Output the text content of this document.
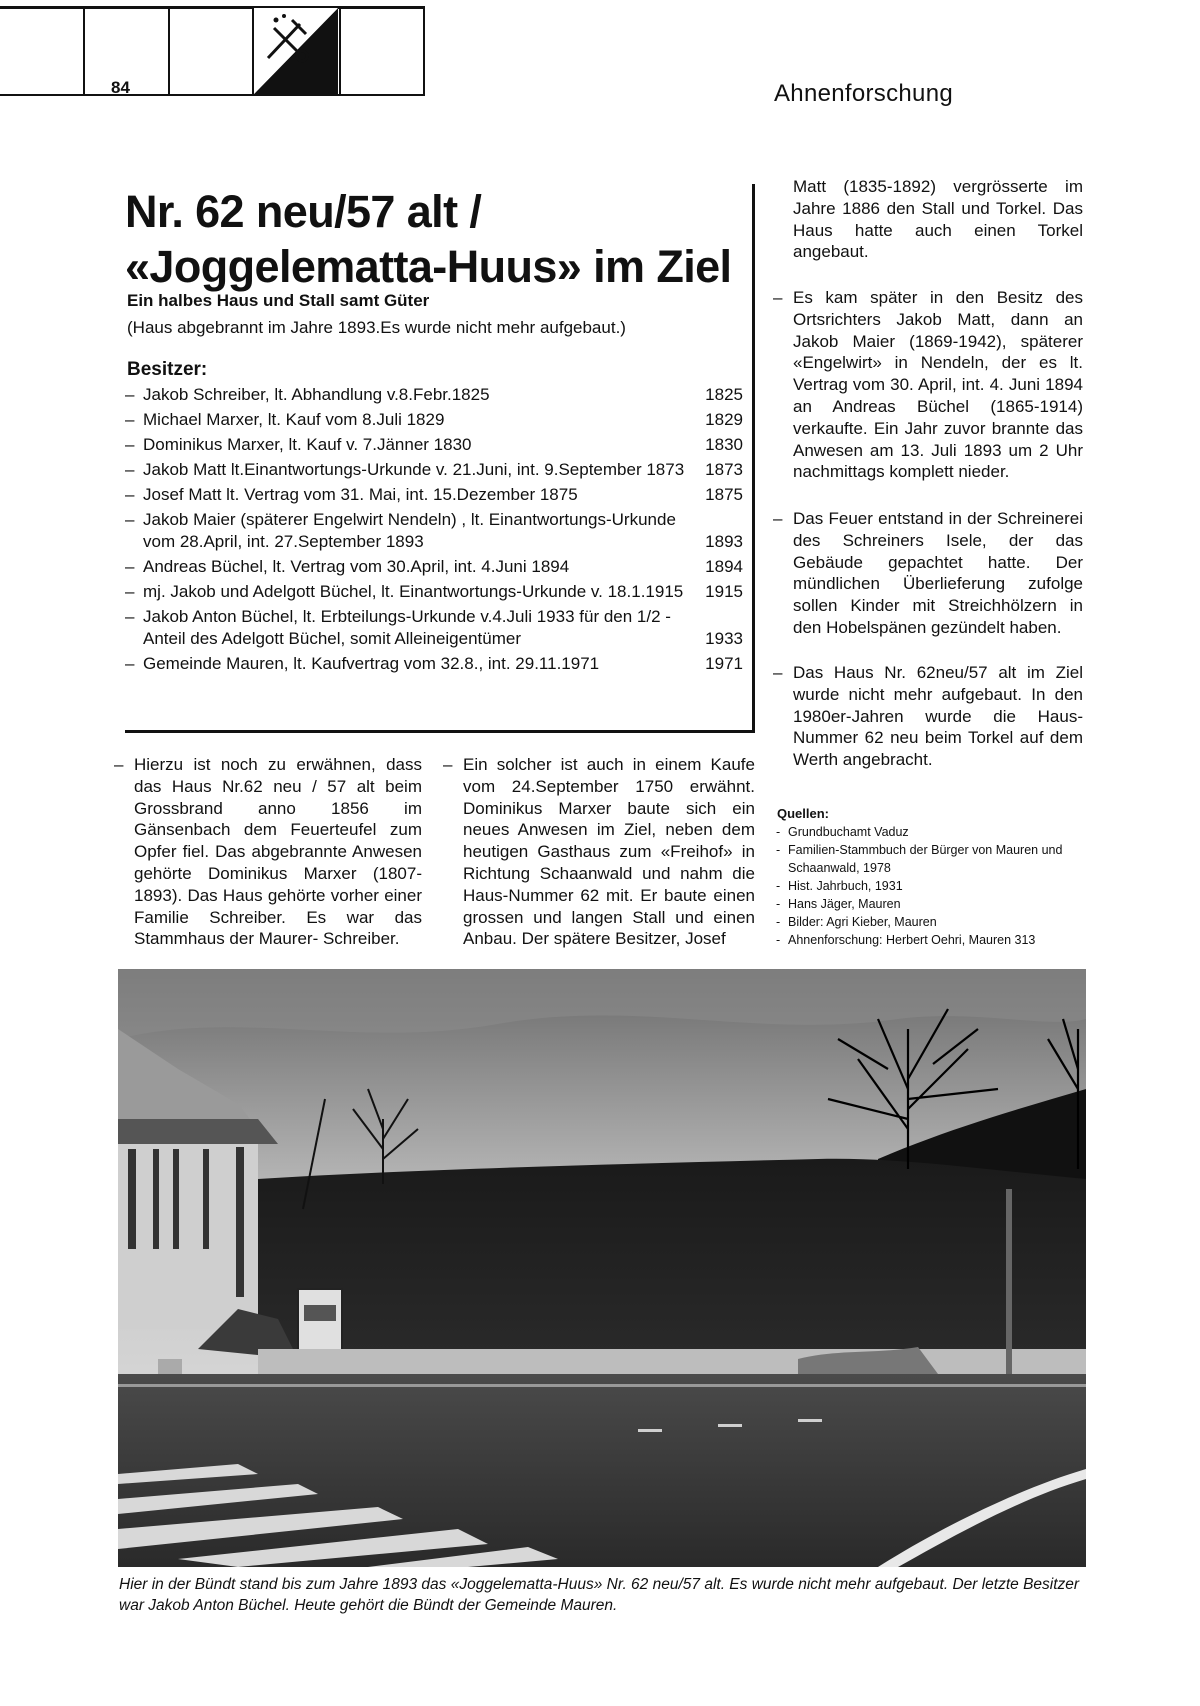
84	Ahnenforschung
Nr. 62 neu/57 alt /
«Joggelematta-Huus» im Ziel
Ein halbes Haus und Stall samt Güter
(Haus abgebrannt im Jahre 1893.Es wurde nicht mehr aufgebaut.)
Besitzer:
– Jakob Schreiber, lt. Abhandlung v.8.Febr.1825	1825
– Michael Marxer, lt. Kauf vom 8.Juli 1829	1829
– Dominikus Marxer, lt. Kauf v. 7.Jänner 1830	1830
– Jakob Matt lt.Einantwortungs-Urkunde v. 21.Juni, int. 9.September 1873 1873
– Josef Matt lt. Vertrag vom 31. Mai, int. 15.Dezember 1875	1875
– Jakob Maier (späterer Engelwirt Nendeln) , lt. Einantwortungs-Urkunde vom 28.April, int. 27.September 1893	1893
– Andreas Büchel, lt. Vertrag vom 30.April, int. 4.Juni 1894	1894
– mj. Jakob und Adelgott Büchel, lt. Einantwortungs-Urkunde v. 18.1.1915 1915
– Jakob Anton Büchel, lt. Erbteilungs-Urkunde v.4.Juli 1933 für den 1/2 - Anteil des Adelgott Büchel, somit Alleineigentümer	1933
– Gemeinde Mauren, lt. Kaufvertrag vom 32.8., int. 29.11.1971	1971
– Hierzu ist noch zu erwähnen, dass das Haus Nr.62 neu / 57 alt beim Grossbrand anno 1856 im Gänsenbach dem Feuerteufel zum Opfer fiel. Das abgebrannte Anwesen gehörte Dominikus Marxer (1807-1893). Das Haus gehörte vorher einer Familie Schreiber. Es war das Stammhaus der Maurer- Schreiber.
– Ein solcher ist auch in einem Kaufe vom 24.September 1750 erwähnt. Dominikus Marxer baute sich ein neues Anwesen im Ziel, neben dem heutigen Gasthaus zum «Freihof» in Richtung Schaanwald und nahm die Haus-Nummer 62 mit. Er baute einen grossen und langen Stall und einen Anbau. Der spätere Besitzer, Josef
Matt (1835-1892) vergrösserte im Jahre 1886 den Stall und Torkel. Das Haus hatte auch einen Torkel angebaut.
– Es kam später in den Besitz des Ortsrichters Jakob Matt, dann an Jakob Maier (1869-1942), späterer «Engelwirt» in Nendeln, der es lt. Vertrag vom 30. April, int. 4. Juni 1894 an Andreas Büchel (1865-1914) verkaufte. Ein Jahr zuvor brannte das Anwesen am 13. Juli 1893 um 2 Uhr nachmittags komplett nieder.
– Das Feuer entstand in der Schreinerei des Schreiners Isele, der das Gebäude gepachtet hatte. Der mündlichen Überlieferung zufolge sollen Kinder mit Streichhölzern in den Hobelspänen gezündelt haben.
– Das Haus Nr. 62neu/57 alt im Ziel wurde nicht mehr aufgebaut. In den 1980er-Jahren wurde die Haus-Nummer 62 neu beim Torkel auf dem Werth angebracht.
Quellen:
- Grundbuchamt Vaduz
- Familien-Stammbuch der Bürger von Mauren und Schaanwald, 1978
- Hist. Jahrbuch, 1931
- Hans Jäger, Mauren
- Bilder: Agri Kieber, Mauren
- Ahnenforschung: Herbert Oehri, Mauren 313
Hier in der Bündt stand bis zum Jahre 1893 das «Joggelematta-Huus» Nr. 62 neu/57 alt. Es wurde nicht mehr aufgebaut. Der letzte Besitzer war Jakob Anton Büchel. Heute gehört die Bündt der Gemeinde Mauren.
